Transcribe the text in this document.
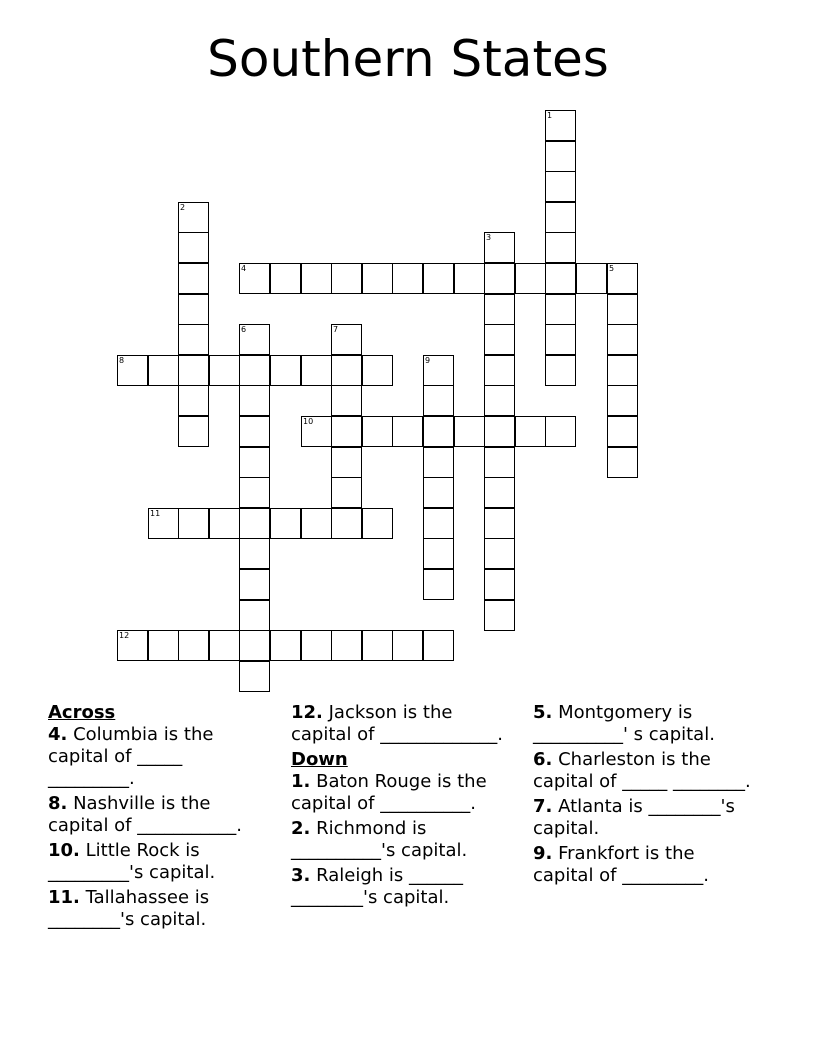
Southern States
1
2
3
4	5
6	7
8	9
10
11
12
Across
4. Columbia is the capital of _____ _________.
8. Nashville is the capital of ___________.
10. Little Rock is _________'s capital.
11. Tallahassee is ________'s capital.
12. Jackson is the capital of _____________.
Down
1. Baton Rouge is the capital of __________.
2. Richmond is __________'s capital.
3. Raleigh is ______ ________'s capital.
5. Montgomery is __________' s capital.
6. Charleston is the capital of _____ ________.
7. Atlanta is ________'s capital.
9. Frankfort is the capital of _________.
